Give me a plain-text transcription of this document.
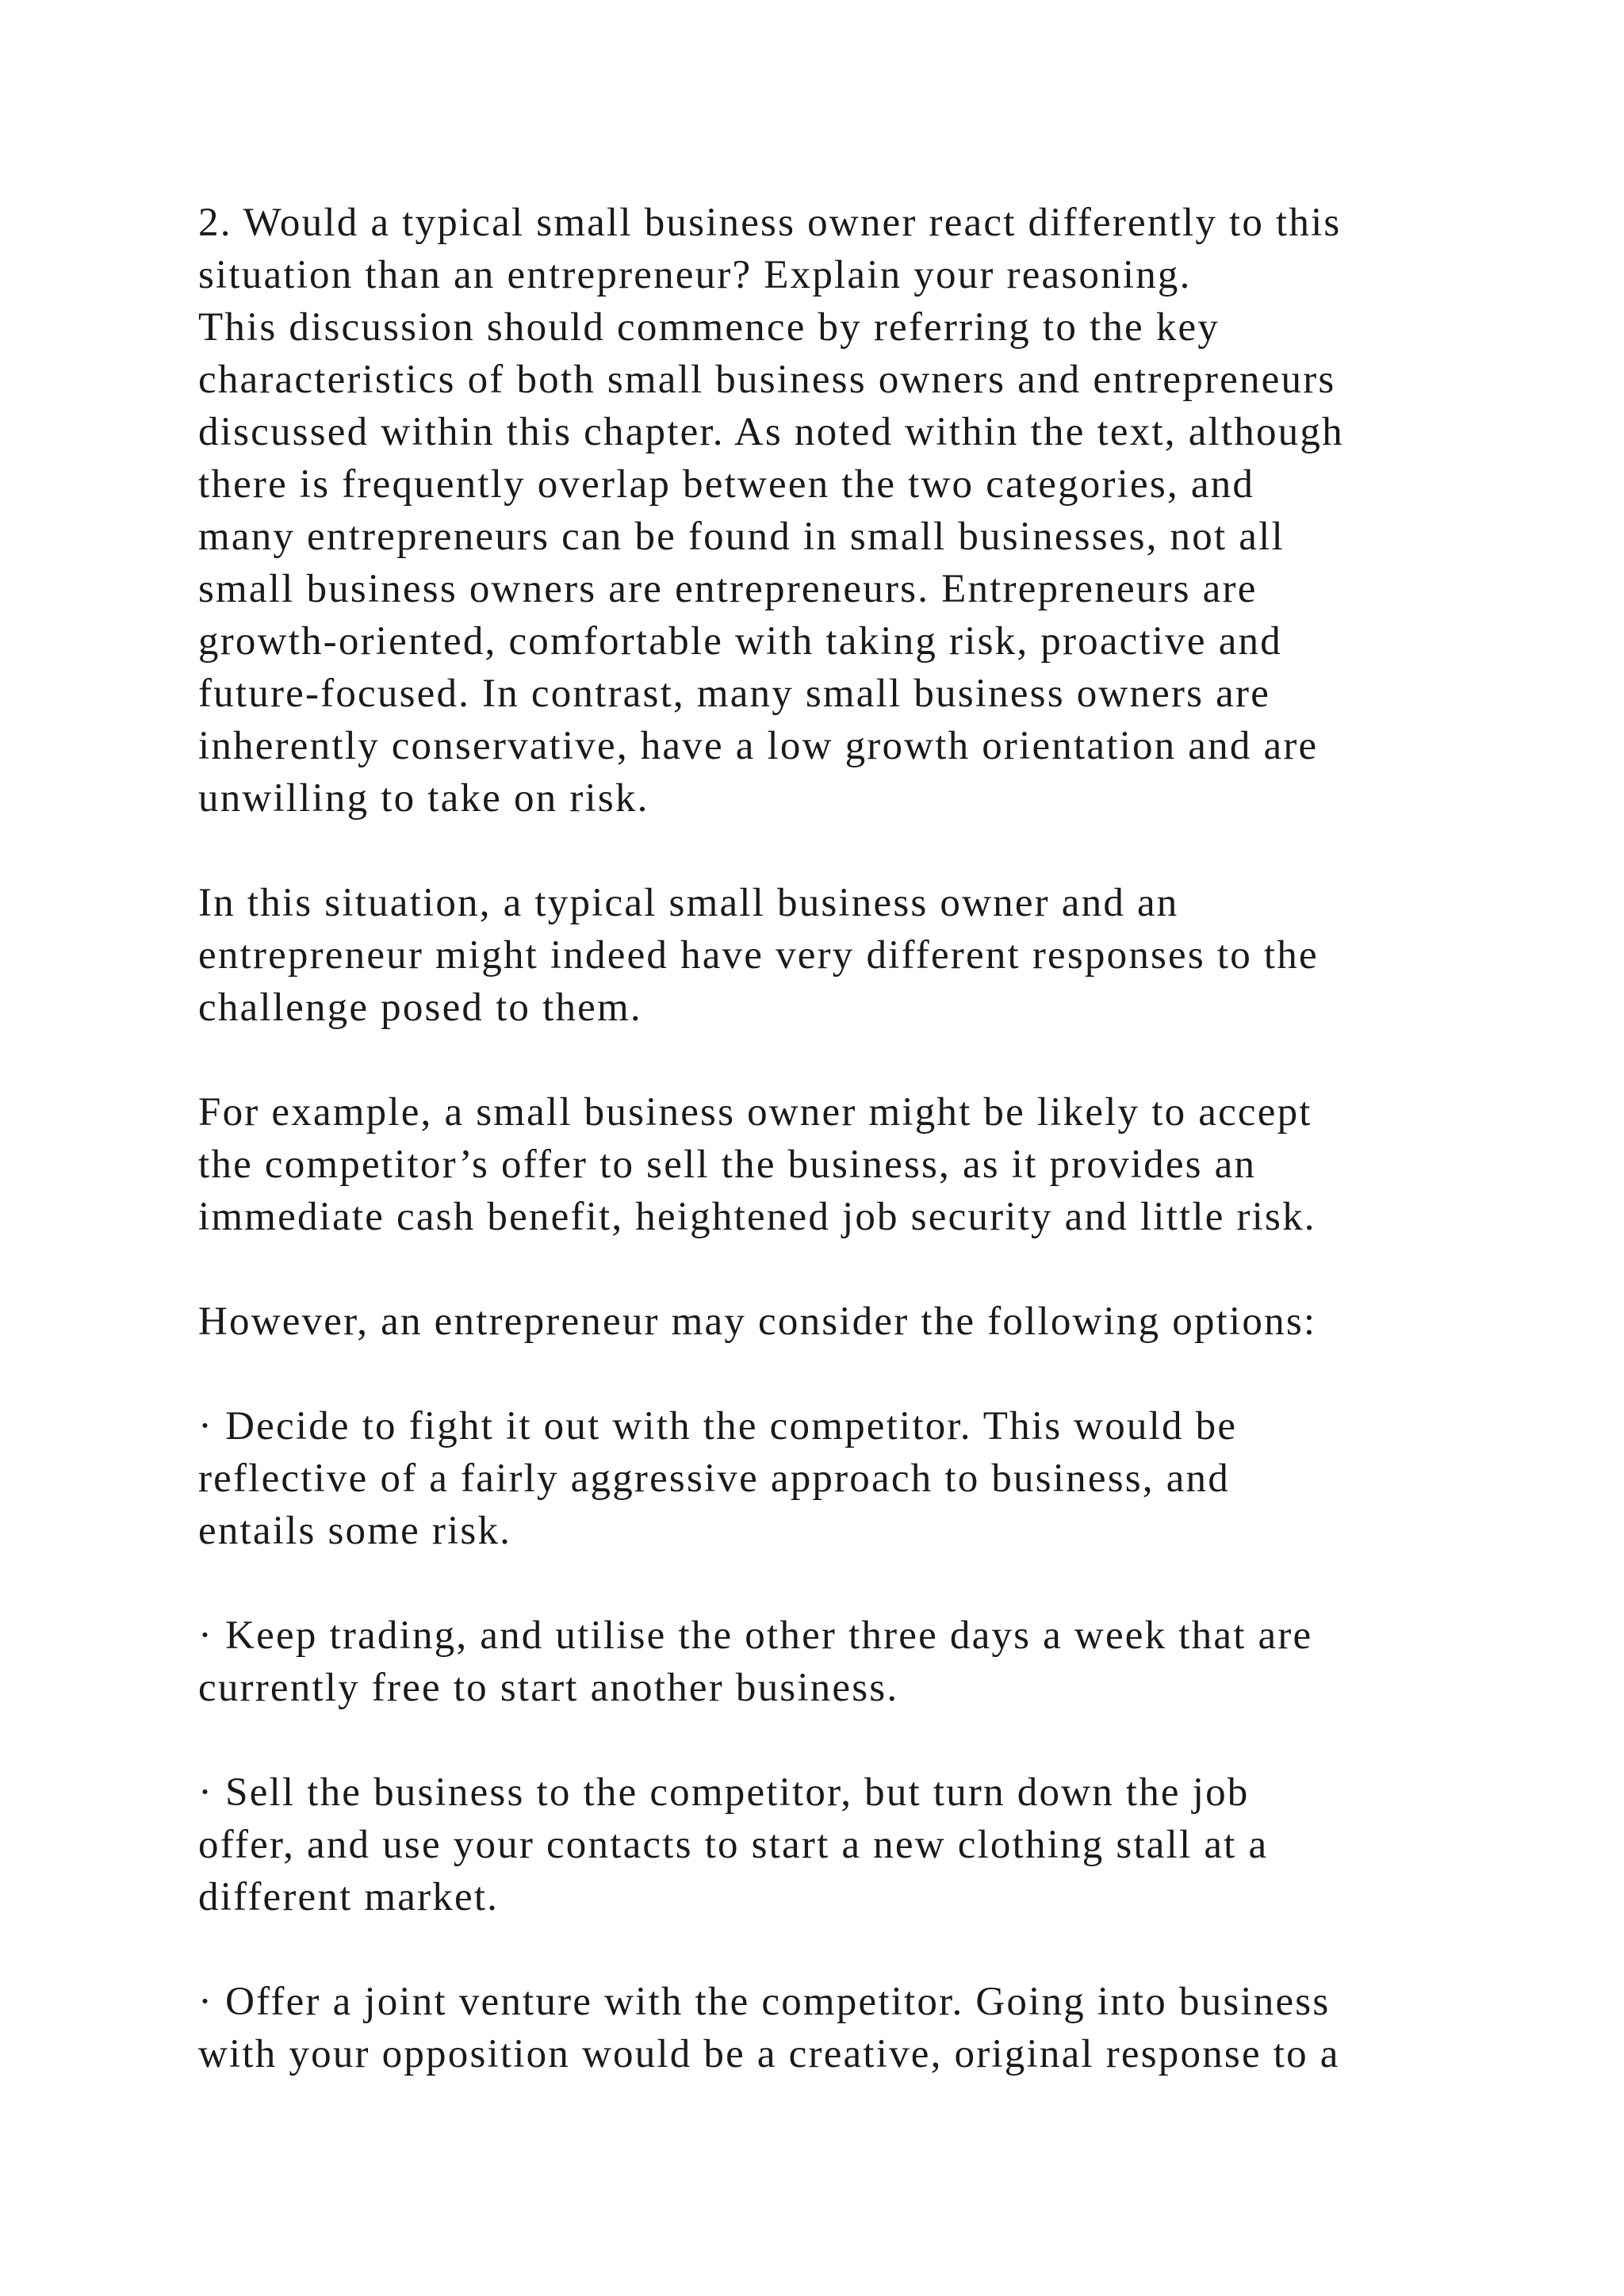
2. Would a typical small business owner react differently to this
situation than an entrepreneur? Explain your reasoning.
This discussion should commence by referring to the key
characteristics of both small business owners and entrepreneurs
discussed within this chapter. As noted within the text, although
there is frequently overlap between the two categories, and
many entrepreneurs can be found in small businesses, not all
small business owners are entrepreneurs. Entrepreneurs are
growth-oriented, comfortable with taking risk, proactive and
future-focused. In contrast, many small business owners are
inherently conservative, have a low growth orientation and are
unwilling to take on risk.
In this situation, a typical small business owner and an
entrepreneur might indeed have very different responses to the
challenge posed to them.
For example, a small business owner might be likely to accept
the competitor’s offer to sell the business, as it provides an
immediate cash benefit, heightened job security and little risk.
However, an entrepreneur may consider the following options:
· Decide to fight it out with the competitor. This would be
reflective of a fairly aggressive approach to business, and
entails some risk.
· Keep trading, and utilise the other three days a week that are
currently free to start another business.
· Sell the business to the competitor, but turn down the job
offer, and use your contacts to start a new clothing stall at a
different market.
· Offer a joint venture with the competitor. Going into business
with your opposition would be a creative, original response to a
